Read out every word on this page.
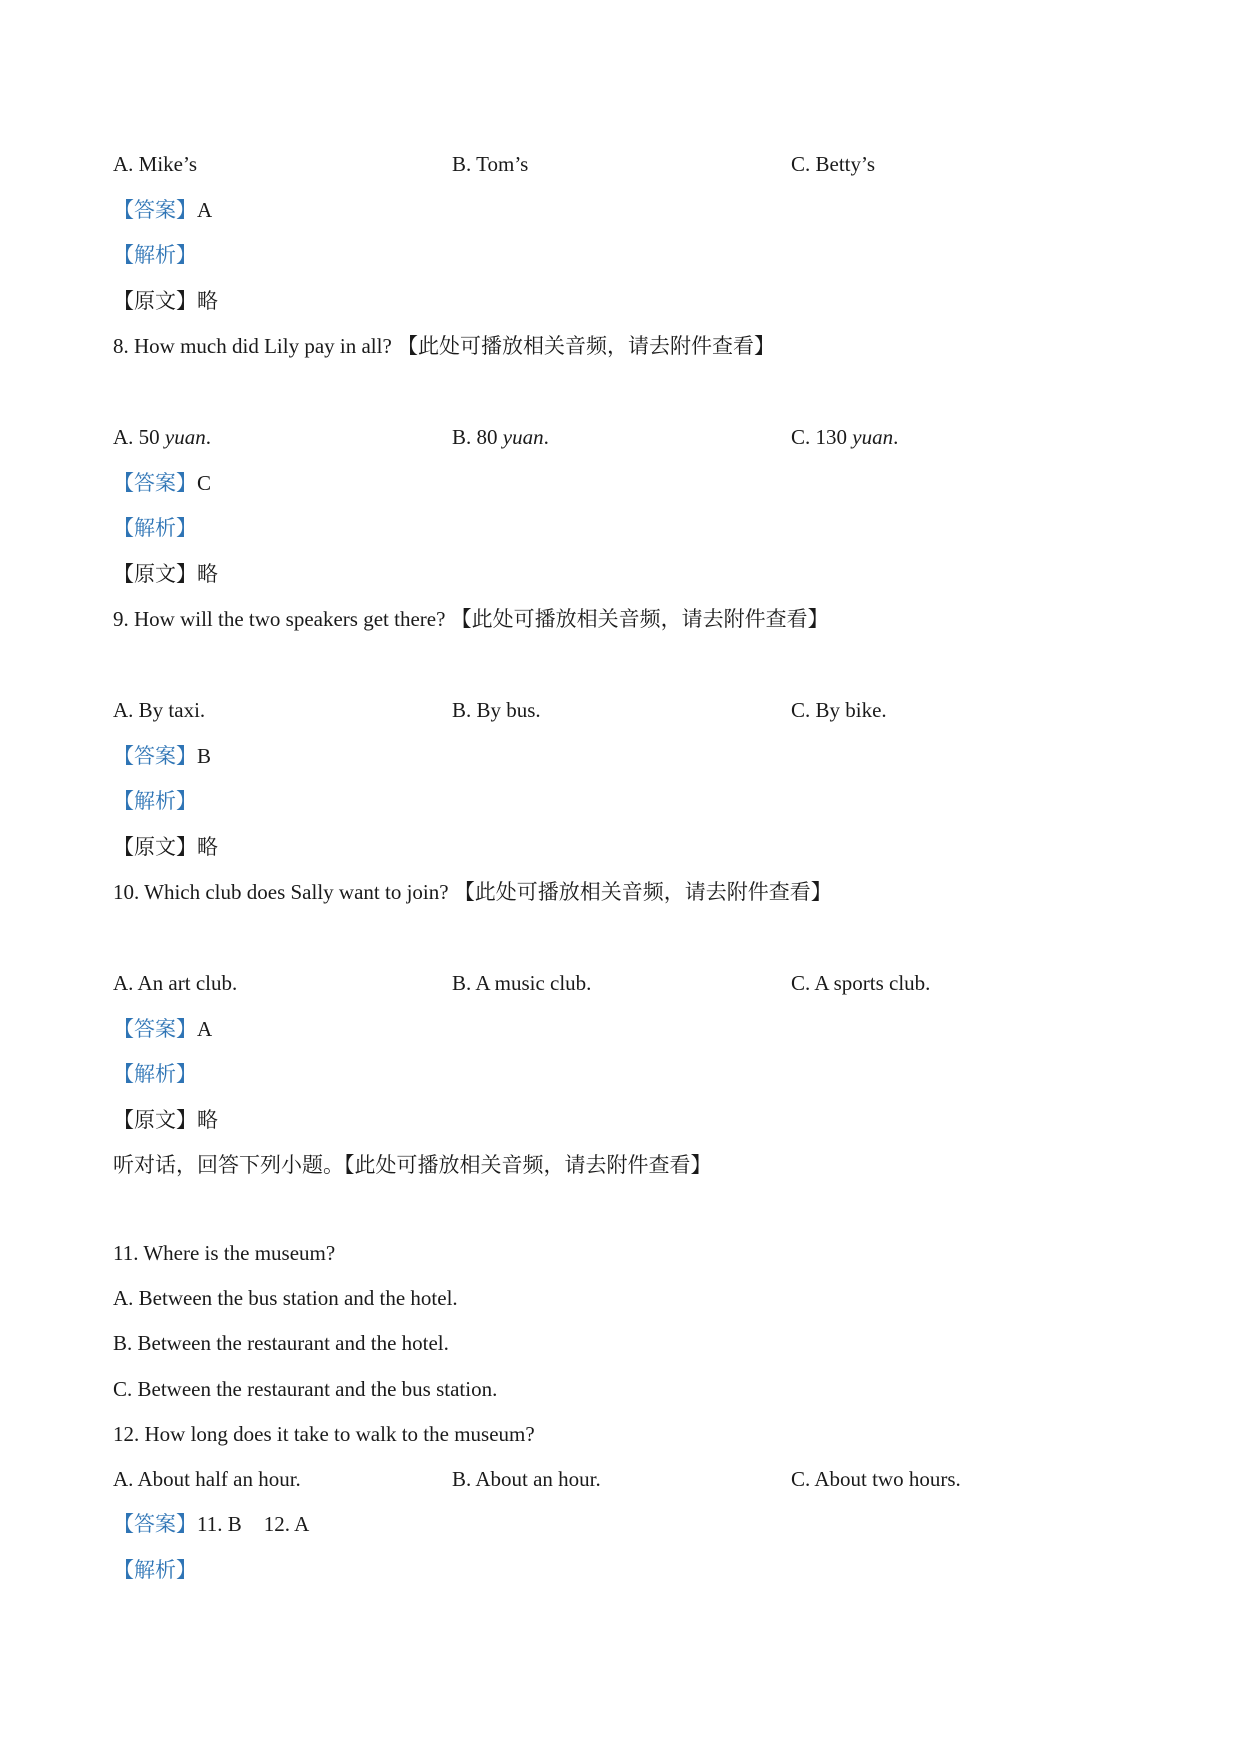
A. Mike’s	B. Tom’s	C. Betty’s
【答案】A
【解析】
【原文】略
8. How much did Lily pay in all? 【此处可播放相关音频，请去附件查看】
A. 50 yuan.	B. 80 yuan.	C. 130 yuan.
【答案】C
【解析】
【原文】略
9. How will the two speakers get there? 【此处可播放相关音频，请去附件查看】
A. By taxi.	B. By bus.	C. By bike.
【答案】B
【解析】
【原文】略
10. Which club does Sally want to join? 【此处可播放相关音频，请去附件查看】
A. An art club.	B. A music club.	C. A sports club.
【答案】A
【解析】
【原文】略
听对话，回答下列小题。【此处可播放相关音频，请去附件查看】
11. Where is the museum?
A. Between the bus station and the hotel.
B. Between the restaurant and the hotel.
C. Between the restaurant and the bus station.
12. How long does it take to walk to the museum?
A. About half an hour.	B. About an hour.	C. About two hours.
【答案】11. B 12. A
【解析】
